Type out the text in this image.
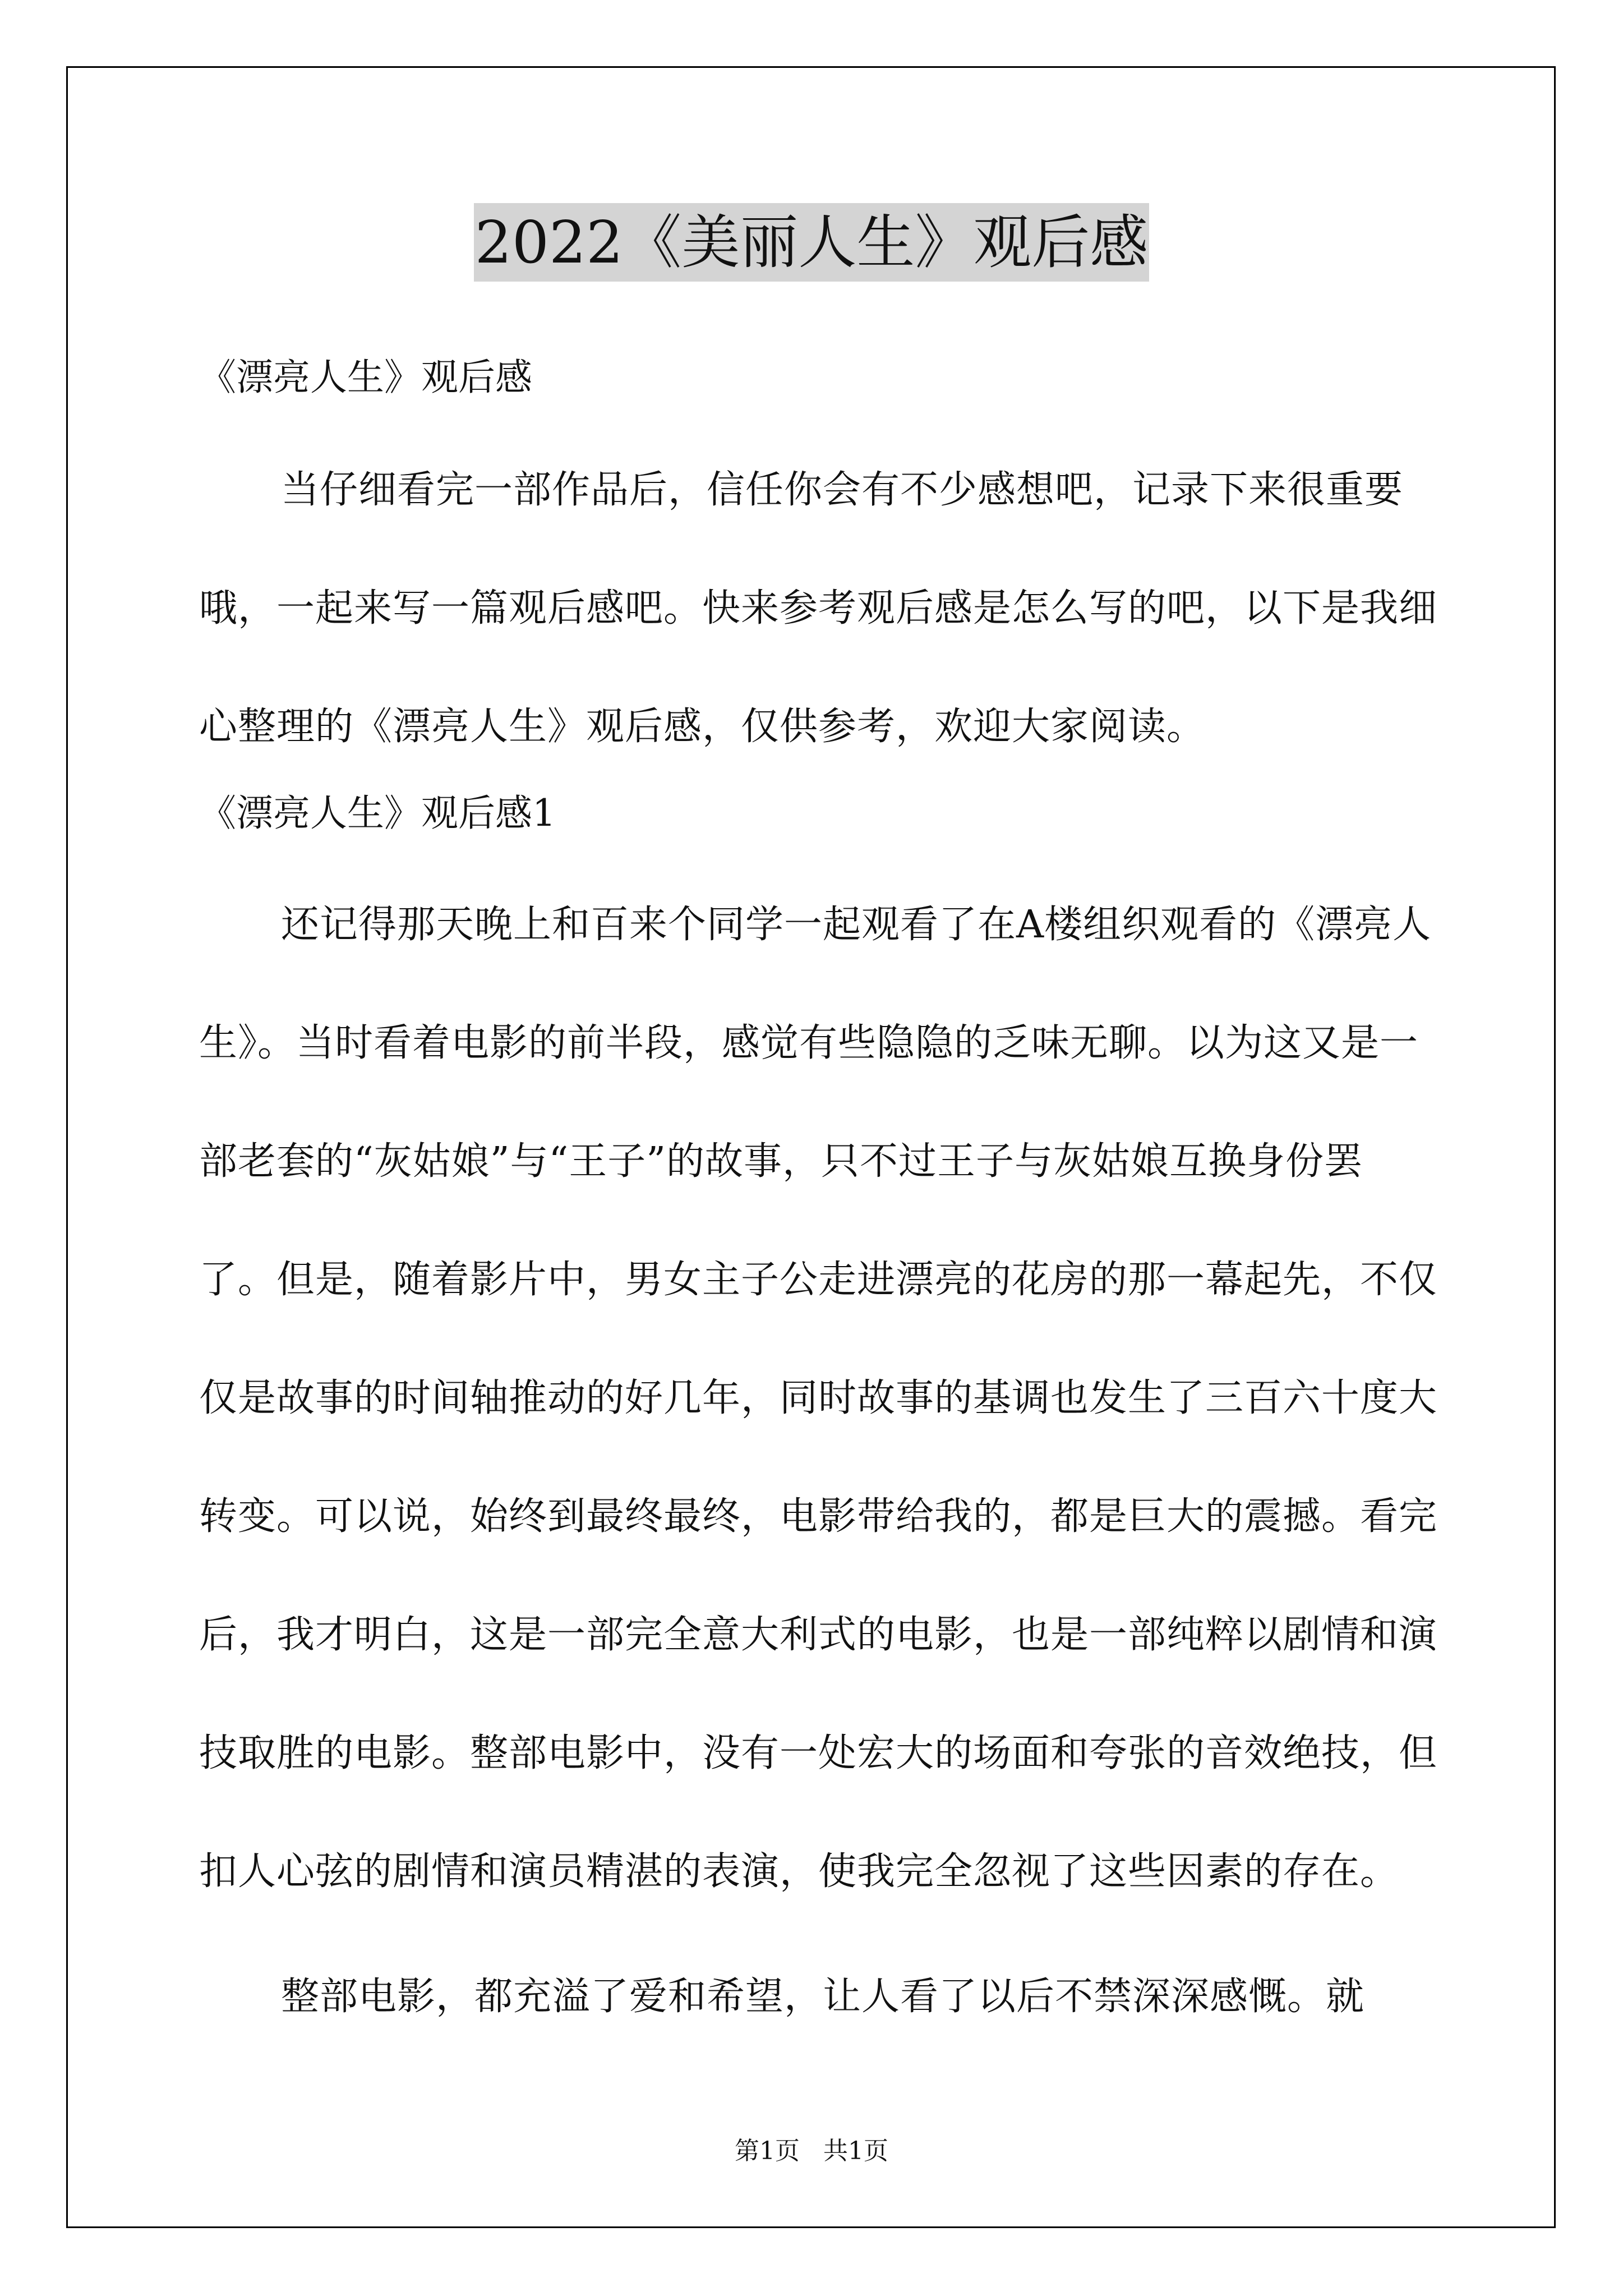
2022《美丽人生》观后感
《漂亮人生》观后感

当仔细看完一部作品后，信任你会有不少感想吧，记录下来很重要哦，一起来写一篇观后感吧。快来参考观后感是怎么写的吧，以下是我细心整理的《漂亮人生》观后感，仅供参考，欢迎大家阅读。

《漂亮人生》观后感1

还记得那天晚上和百来个同学一起观看了在A楼组织观看的《漂亮人生》。当时看着电影的前半段，感觉有些隐隐的乏味无聊。以为这又是一部老套的“灰姑娘”与“王子”的故事，只不过王子与灰姑娘互换身份罢了。但是，随着影片中，男女主子公走进漂亮的花房的那一幕起先，不仅仅是故事的时间轴推动的好几年，同时故事的基调也发生了三百六十度大转变。可以说，始终到最终最终，电影带给我的，都是巨大的震撼。看完后，我才明白，这是一部完全意大利式的电影，也是一部纯粹以剧情和演技取胜的电影。整部电影中，没有一处宏大的场面和夸张的音效绝技，但扣人心弦的剧情和演员精湛的表演，使我完全忽视了这些因素的存在。

整部电影，都充溢了爱和希望，让人看了以后不禁深深感慨。就

第1页 共1页
